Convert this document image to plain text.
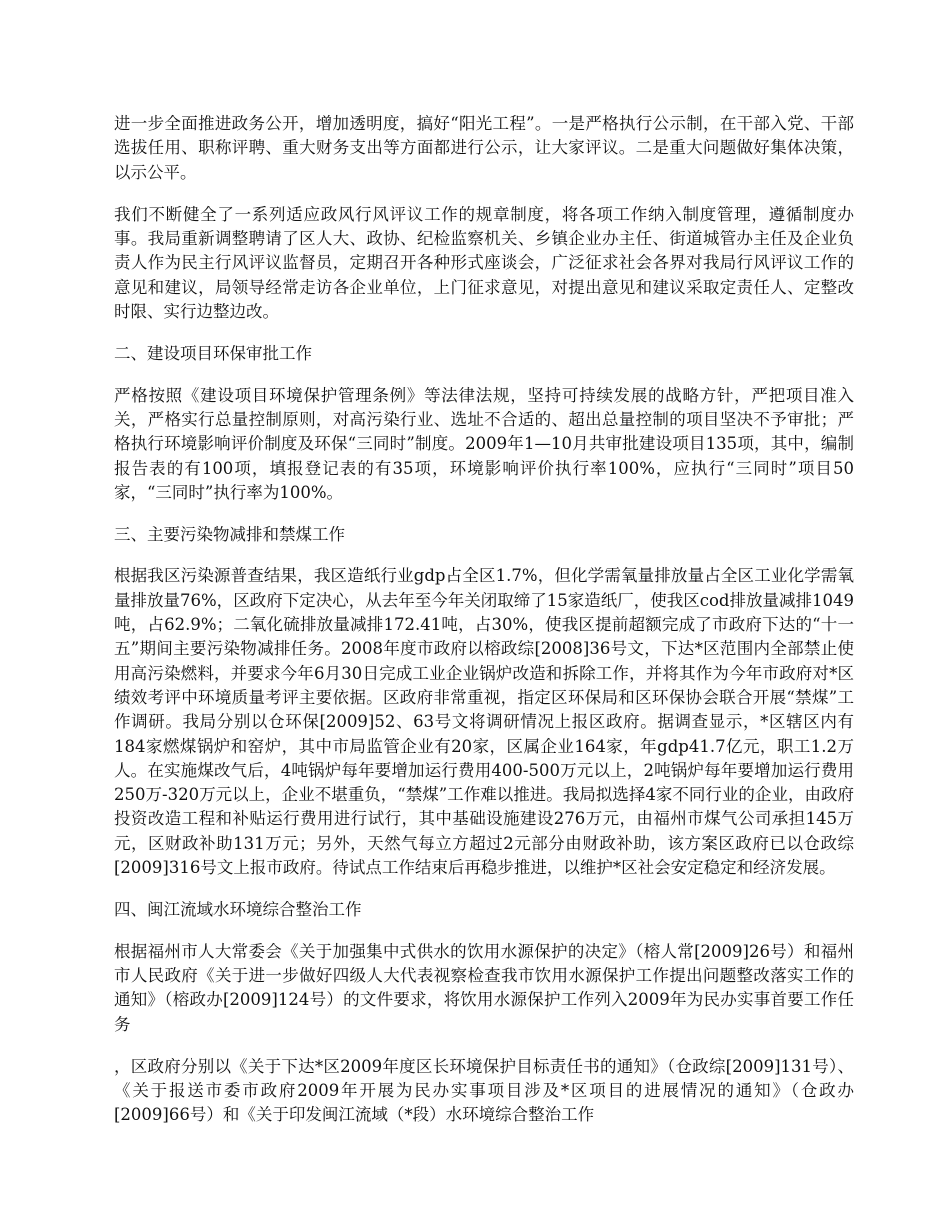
进一步全面推进政务公开，增加透明度，搞好“阳光工程”。一是严格执行公示制，在干部入党、干部选拔任用、职称评聘、重大财务支出等方面都进行公示，让大家评议。二是重大问题做好集体决策，以示公平。

我们不断健全了一系列适应政风行风评议工作的规章制度，将各项工作纳入制度管理，遵循制度办事。我局重新调整聘请了区人大、政协、纪检监察机关、乡镇企业办主任、街道城管办主任及企业负责人作为民主行风评议监督员，定期召开各种形式座谈会，广泛征求社会各界对我局行风评议工作的意见和建议，局领导经常走访各企业单位，上门征求意见，对提出意见和建议采取定责任人、定整改时限、实行边整边改。

二、建设项目环保审批工作

严格按照《建设项目环境保护管理条例》等法律法规，坚持可持续发展的战略方针，严把项目准入关，严格实行总量控制原则，对高污染行业、选址不合适的、超出总量控制的项目坚决不予审批；严格执行环境影响评价制度及环保“三同时”制度。2009年1—10月共审批建设项目135项，其中，编制报告表的有100项，填报登记表的有35项，环境影响评价执行率100%，应执行“三同时”项目50家，“三同时”执行率为100%。

三、主要污染物减排和禁煤工作

根据我区污染源普查结果，我区造纸行业gdp占全区1.7%，但化学需氧量排放量占全区工业化学需氧量排放量76%，区政府下定决心，从去年至今年关闭取缔了15家造纸厂，使我区cod排放量减排1049吨，占62.9%；二氧化硫排放量减排172.41吨，占30%，使我区提前超额完成了市政府下达的“十一五”期间主要污染物减排任务。2008年度市政府以榕政综[2008]36号文，下达*区范围内全部禁止使用高污染燃料，并要求今年6月30日完成工业企业锅炉改造和拆除工作，并将其作为今年市政府对*区绩效考评中环境质量考评主要依据。区政府非常重视，指定区环保局和区环保协会联合开展“禁煤”工作调研。我局分别以仓环保[2009]52、63号文将调研情况上报区政府。据调查显示，*区辖区内有184家燃煤锅炉和窑炉，其中市局监管企业有20家，区属企业164家，年gdp41.7亿元，职工1.2万人。在实施煤改气后，4吨锅炉每年要增加运行费用400-500万元以上，2吨锅炉每年要增加运行费用250万-320万元以上，企业不堪重负，“禁煤”工作难以推进。我局拟选择4家不同行业的企业，由政府投资改造工程和补贴运行费用进行试行，其中基础设施建设276万元，由福州市煤气公司承担145万元，区财政补助131万元；另外，天然气每立方超过2元部分由财政补助，该方案区政府已以仓政综[2009]316号文上报市政府。待试点工作结束后再稳步推进，以维护*区社会安定稳定和经济发展。

四、闽江流域水环境综合整治工作

根据福州市人大常委会《关于加强集中式供水的饮用水源保护的决定》（榕人常[2009]26号）和福州市人民政府《关于进一步做好四级人大代表视察检查我市饮用水源保护工作提出问题整改落实工作的通知》（榕政办[2009]124号）的文件要求，将饮用水源保护工作列入2009年为民办实事首要工作任务

，区政府分别以《关于下达*区2009年度区长环境保护目标责任书的通知》（仓政综[2009]131号）、《关于报送市委市政府2009年开展为民办实事项目涉及*区项目的进展情况的通知》（仓政办[2009]66号）和《关于印发闽江流域（*段）水环境综合整治工作
